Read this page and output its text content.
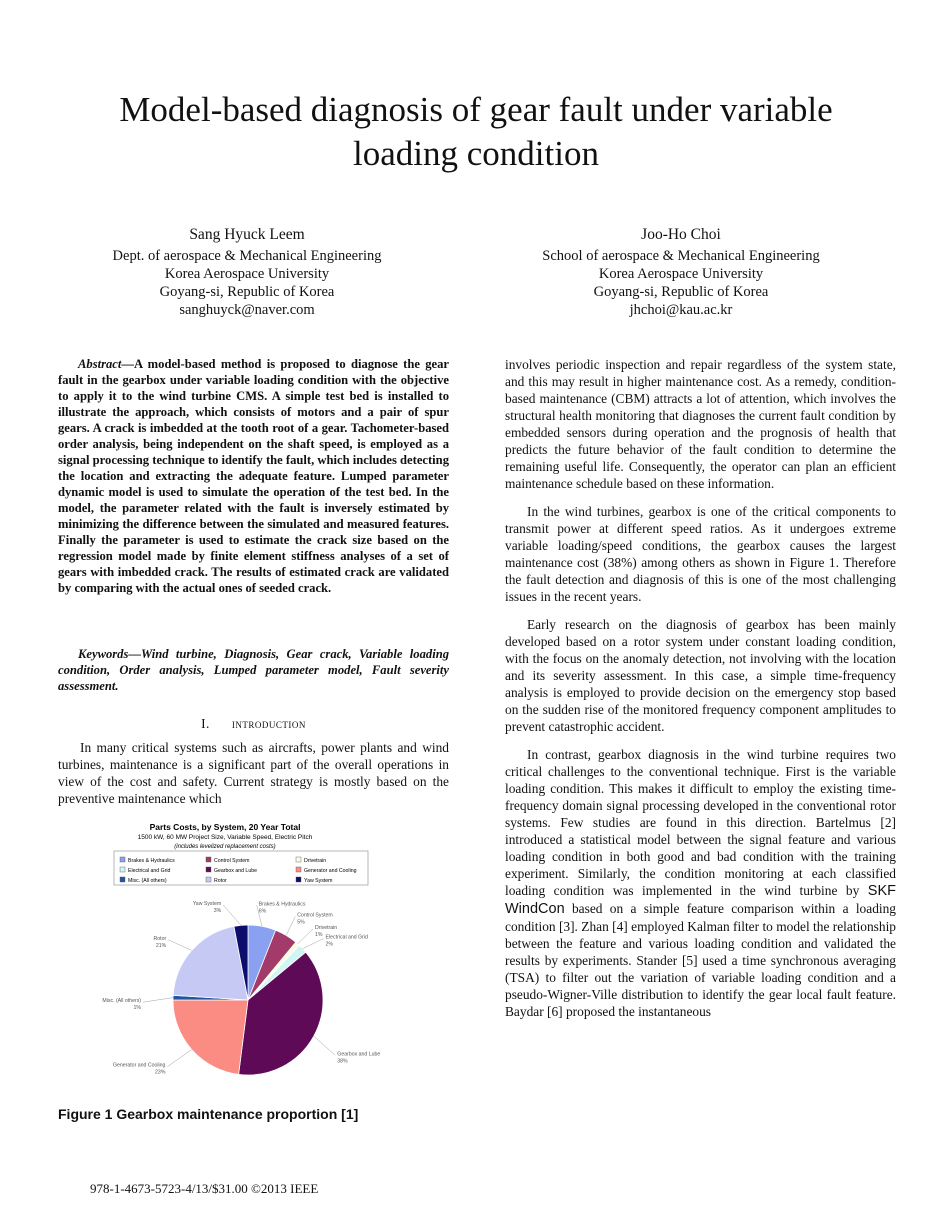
Model-based diagnosis of gear fault under variable
loading condition
Sang Hyuck Leem
Dept. of aerospace & Mechanical Engineering
Korea Aerospace University
Goyang-si, Republic of Korea
sanghuyck@naver.com
Joo-Ho Choi
School of aerospace & Mechanical Engineering
Korea Aerospace University
Goyang-si, Republic of Korea
jhchoi@kau.ac.kr
Abstract—A model-based method is proposed to diagnose the gear fault in the gearbox under variable loading condition with the objective to apply it to the wind turbine CMS. A simple test bed is installed to illustrate the approach, which consists of motors and a pair of spur gears. A crack is imbedded at the tooth root of a gear. Tachometer-based order analysis, being independent on the shaft speed, is employed as a signal processing technique to identify the fault, which includes detecting the location and extracting the adequate feature. Lumped parameter dynamic model is used to simulate the operation of the test bed. In the model, the parameter related with the fault is inversely estimated by minimizing the difference between the simulated and measured features. Finally the parameter is used to estimate the crack size based on the regression model made by finite element stiffness analyses of a set of gears with imbedded crack. The results of estimated crack are validated by comparing with the actual ones of seeded crack.
Keywords—Wind turbine, Diagnosis, Gear crack, Variable loading condition, Order analysis, Lumped parameter model, Fault severity assessment.
I. introduction
In many critical systems such as aircrafts, power plants and wind turbines, maintenance is a significant part of the overall operations in view of the cost and safety. Current strategy is mostly based on the preventive maintenance which
Parts Costs, by System, 20 Year Total
1500 kW, 60 MW Project Size, Variable Speed, Electric Pitch
(includes levelized replacement costs)
Brakes & Hydraulics	Control System	Drivetrain
Electrical and Grid	Gearbox and Lube	Generator and Cooling
Misc. (All others)	Rotor	Yaw System
Brakes & Hydraulics
6%
Control System
5%
Drivetrain
1% Electrical and Grid
2%
Gearbox and Lube
38%
Generator and Cooling
23%
Misc. (All others)
1%
Rotor
21%
Yaw System
3%
Figure 1 Gearbox maintenance proportion [1]

involves periodic inspection and repair regardless of the system state, and this may result in higher maintenance cost. As a remedy, condition-based maintenance (CBM) attracts a lot of attention, which involves the structural health monitoring that diagnoses the current fault condition by embedded sensors during operation and the prognosis of health that predicts the future behavior of the fault condition to determine the remaining useful life. Consequently, the operator can plan an efficient maintenance schedule based on these information.

In the wind turbines, gearbox is one of the critical components to transmit power at different speed ratios. As it undergoes extreme variable loading/speed conditions, the gearbox causes the largest maintenance cost (38%) among others as shown in Figure 1. Therefore the fault detection and diagnosis of this is one of the most challenging issues in the recent years.

Early research on the diagnosis of gearbox has been mainly developed based on a rotor system under constant loading condition, with the focus on the anomaly detection, not involving with the location and its severity assessment. In this case, a simple time-frequency analysis is employed to provide decision on the emergency stop based on the sudden rise of the monitored frequency component amplitudes to prevent catastrophic accident.

In contrast, gearbox diagnosis in the wind turbine requires two critical challenges to the conventional technique. First is the variable loading condition. This makes it difficult to employ the existing time-frequency domain signal processing developed in the conventional rotor systems. Few studies are found in this direction. Bartelmus [2] introduced a statistical model between the signal feature and various loading condition in both good and bad condition with the training experiment. Similarly, the condition monitoring at each classified loading condition was implemented in the wind turbine by SKF WindCon based on a simple feature comparison within a loading condition [3]. Zhan [4] employed Kalman filter to model the relationship between the feature and various loading condition and validated the results by experiments. Stander [5] used a time synchronous averaging (TSA) to filter out the variation of variable loading condition and a pseudo-Wigner-Ville distribution to identify the gear local fault feature. Baydar [6] proposed the instantaneous

978-1-4673-5723-4/13/$31.00 ©2013 IEEE
